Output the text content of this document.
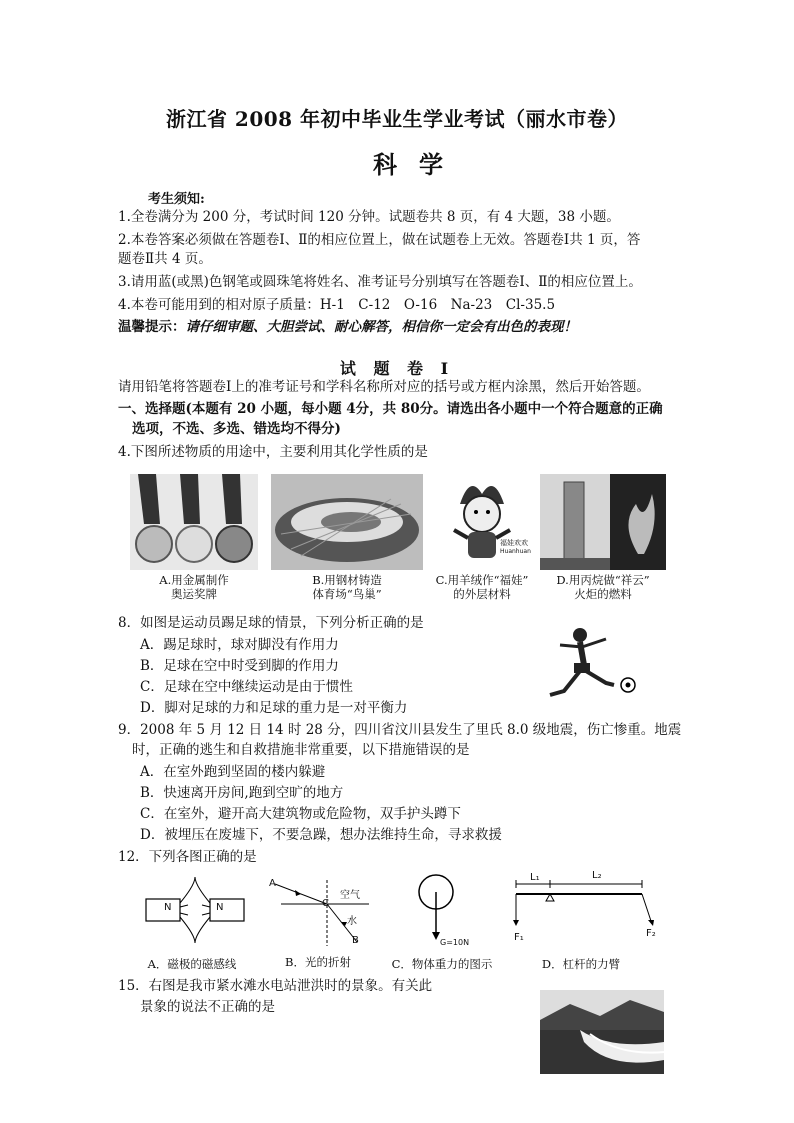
浙江省 2008 年初中毕业生学业考试（丽水市卷）
科学
考生须知:
1.全卷满分为 200 分，考试时间 120 分钟。试题卷共 8 页，有 4 大题，38 小题。
2.本卷答案必须做在答题卷Ⅰ、Ⅱ的相应位置上，做在试题卷上无效。答题卷Ⅰ共 1 页，答
题卷Ⅱ共 4 页。
3.请用蓝(或黑)色钢笔或圆珠笔将姓名、准考证号分别填写在答题卷Ⅰ、Ⅱ的相应位置上。
4.本卷可能用到的相对原子质量：H-1　C-12　O-16　Na-23　Cl-35.5
温馨提示：请仔细审题、大胆尝试、耐心解答，相信你一定会有出色的表现！
试 题 卷 Ⅰ
请用铅笔将答题卷Ⅰ上的准考证号和学科名称所对应的括号或方框内涂黑，然后开始答题。
一、选择题(本题有 20 小题，每小题 4分，共 80分。请选出各小题中一个符合题意的正确
选项，不选、多选、错选均不得分)
4.下图所述物质的用途中，主要利用其化学性质的是
A.用金属制作
奥运奖牌
B.用钢材铸造
体育场“鸟巢”
福娃欢欢
Huanhuan
C.用羊绒作“福娃”
的外层材料
D.用丙烷做“祥云”
火炬的燃料
8．如图是运动员踢足球的情景，下列分析正确的是
A．踢足球时，球对脚没有作用力
B．足球在空中时受到脚的作用力
C．足球在空中继续运动是由于惯性
D．脚对足球的力和足球的重力是一对平衡力
9．2008 年 5 月 12 日 14 时 28 分，四川省汶川县发生了里氏 8.0 级地震，伤亡惨重。地震
时，正确的逃生和自救措施非常重要，以下措施错误的是
A．在室外跑到坚固的楼内躲避
B．快速离开房间,跑到空旷的地方
C．在室外，避开高大建筑物或危险物，双手护头蹲下
D．被埋压在废墟下，不要急躁，想办法维持生命，寻求救援
12．下列各图正确的是
N	N
A
C
空气
水
B	G=10N
L₁	L₂
F₁	F₂
A．磁极的磁感线	B．光的折射	C．物体重力的图示	D．杠杆的力臂
15．右图是我市紧水滩水电站泄洪时的景象。有关此
景象的说法不正确的是
